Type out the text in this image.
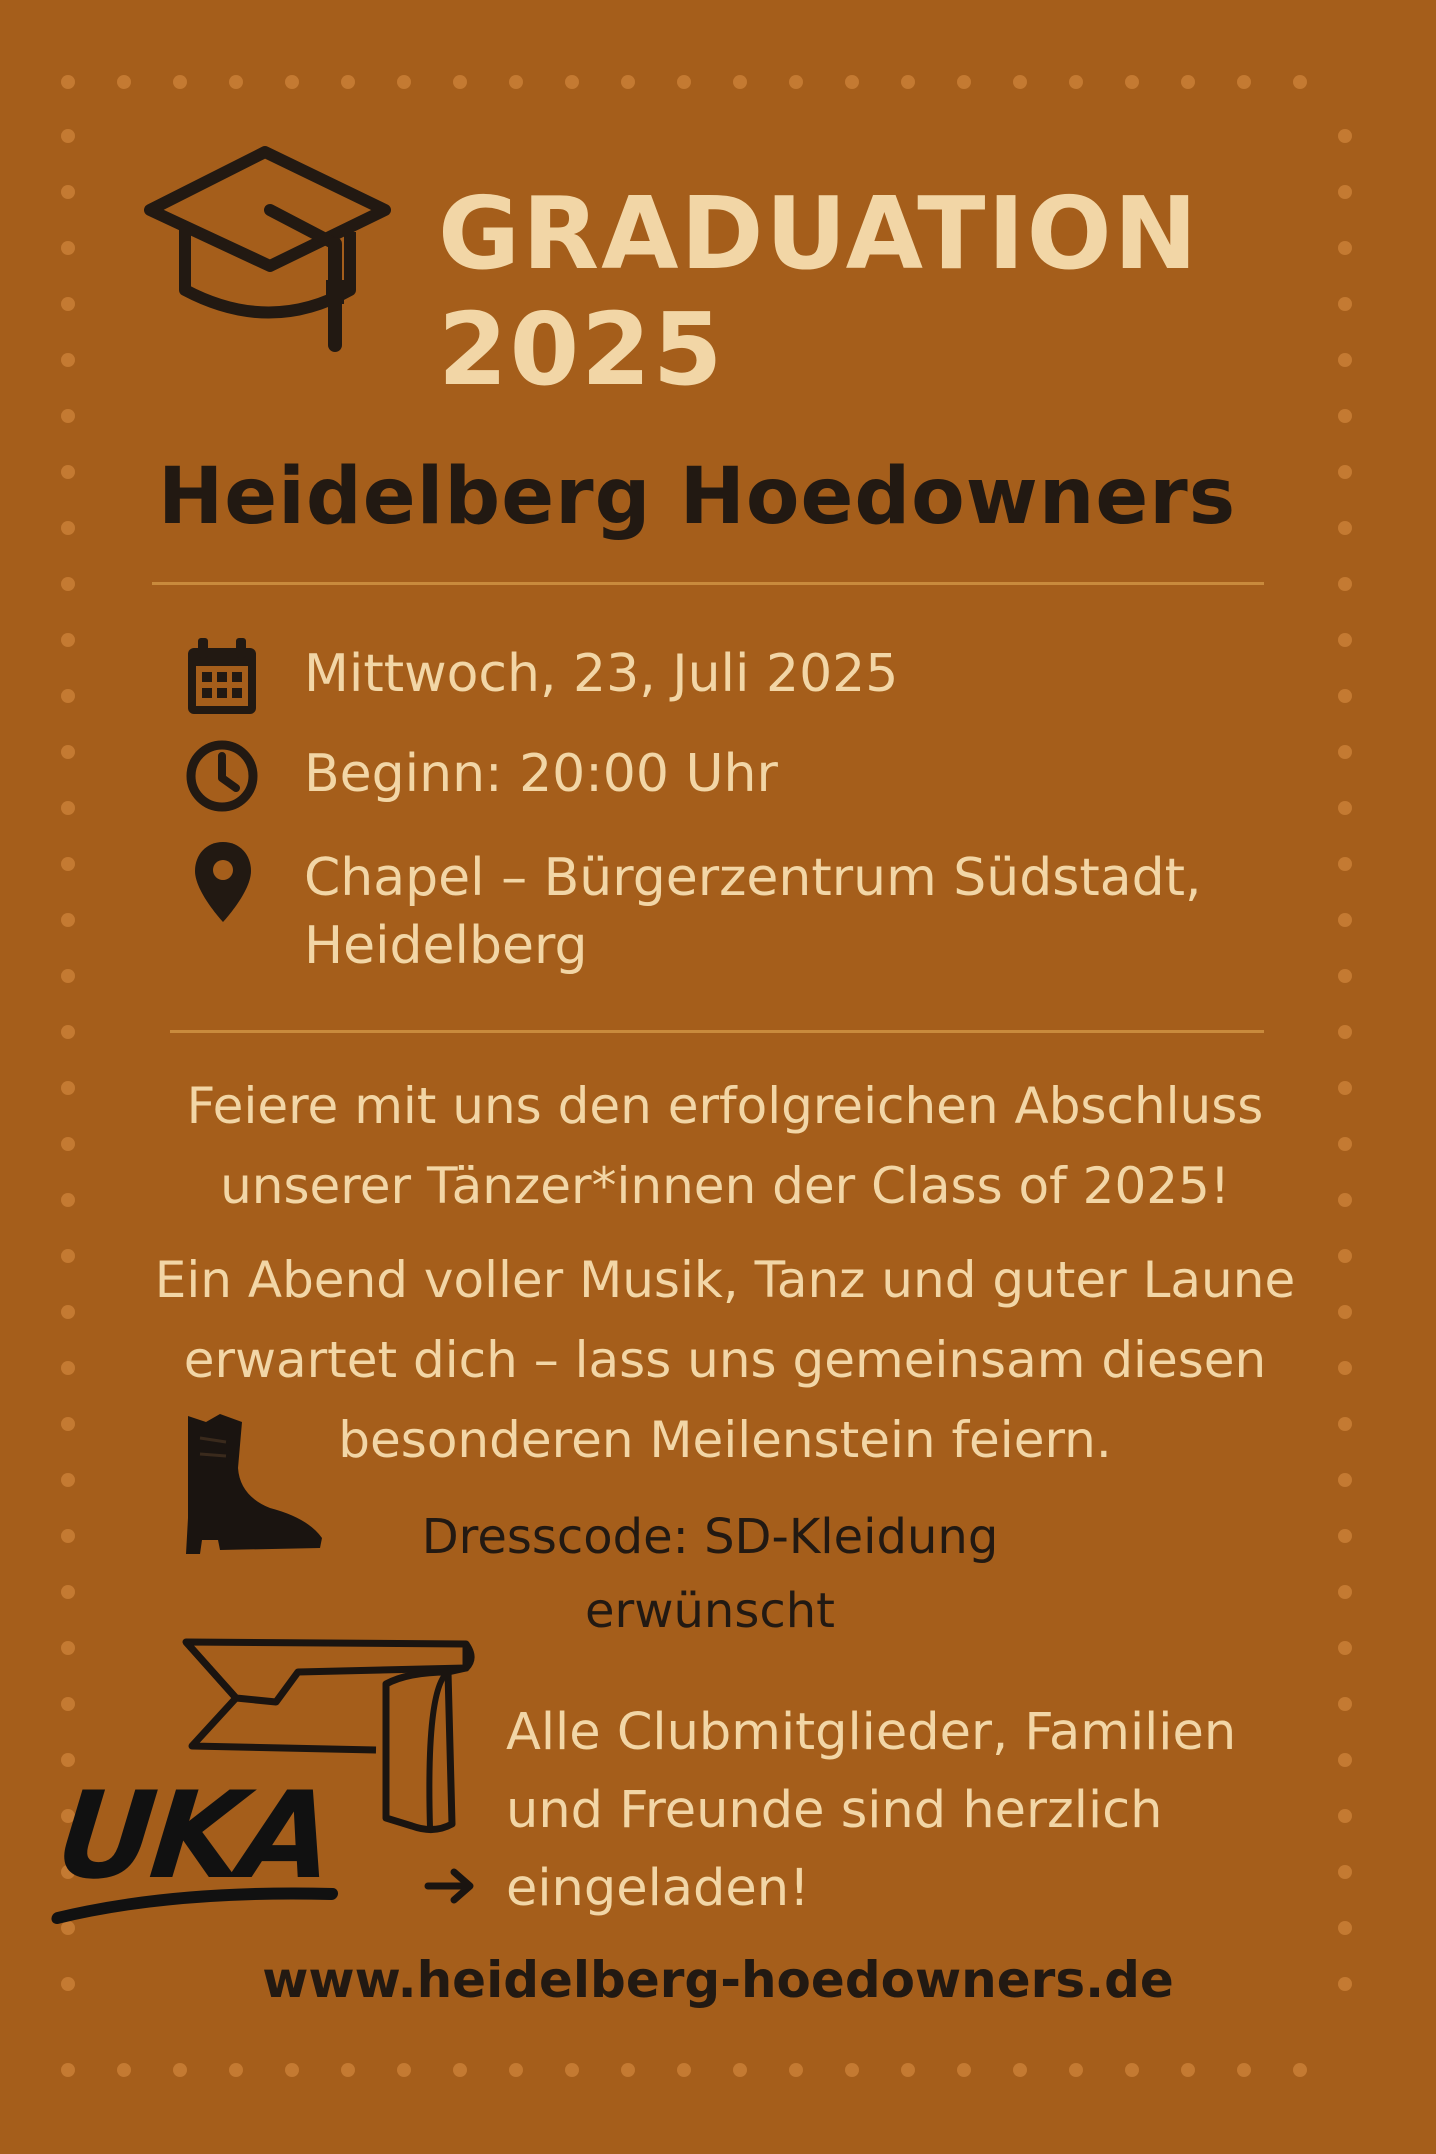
GRADUATION
2025
Heidelberg Hoedowners
Mittwoch, 23, Juli 2025
Beginn: 20:00 Uhr
Chapel – Bürgerzentrum Südstadt,
Heidelberg
Feiere mit uns den erfolgreichen Abschluss
unserer Tänzer*innen der Class of 2025!
Ein Abend voller Musik, Tanz und guter Laune
erwartet dich – lass uns gemeinsam diesen
besonderen Meilenstein feiern.
Dresscode: SD-Kleidung
erwünscht
UKA
Alle Clubmitglieder, Familien
und Freunde sind herzlich
eingeladen!
www.heidelberg-hoedowners.de
